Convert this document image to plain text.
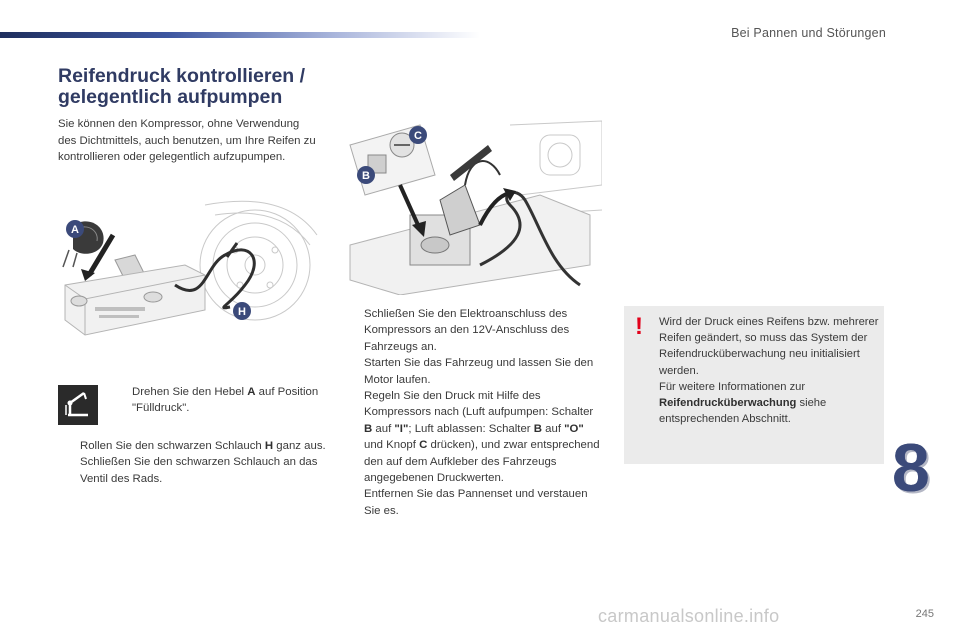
Bei Pannen und Störungen
Reifendruck kontrollieren /
gelegentlich aufpumpen
Sie können den Kompressor, ohne Verwendung des Dichtmittels, auch benutzen, um Ihre Reifen zu kontrollieren oder gelegentlich aufzupumpen.
A
H
C
B
Drehen Sie den Hebel A auf Position "Fülldruck".
Rollen Sie den schwarzen Schlauch H ganz aus.
Schließen Sie den schwarzen Schlauch an das Ventil des Rads.
Schließen Sie den Elektroanschluss des Kompressors an den 12V-Anschluss des Fahrzeugs an.
Starten Sie das Fahrzeug und lassen Sie den Motor laufen.
Regeln Sie den Druck mit Hilfe des Kompressors nach (Luft aufpumpen: Schalter B auf "I"; Luft ablassen: Schalter B auf "O" und Knopf C drücken), und zwar entsprechend den auf dem Aufkleber des Fahrzeugs angegebenen Druckwerten.
Entfernen Sie das Pannenset und verstauen Sie es.
! Wird der Druck eines Reifens bzw. mehrerer Reifen geändert, so muss das System der Reifendrucküberwachung neu initialisiert werden.
Für weitere Informationen zur Reifendrucküberwachung siehe entsprechenden Abschnitt.
8
carmanualsonline.info	245
